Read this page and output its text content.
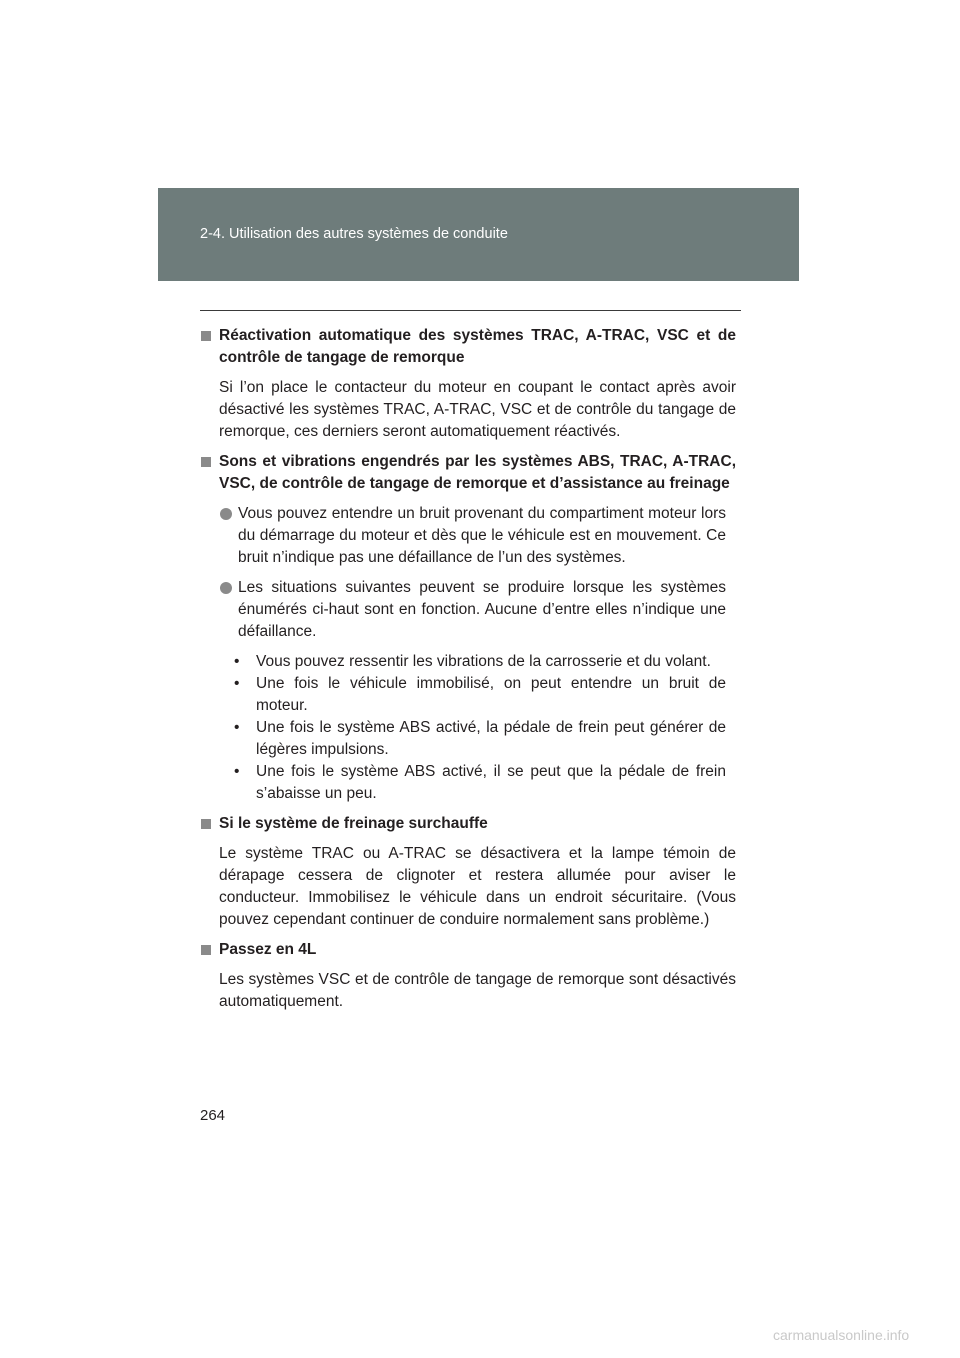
2-4. Utilisation des autres systèmes de conduite
Réactivation automatique des systèmes TRAC, A-TRAC, VSC et de contrôle de tangage de remorque
Si l’on place le contacteur du moteur en coupant le contact après avoir désactivé les systèmes TRAC, A-TRAC, VSC et de contrôle du tangage de remorque, ces derniers seront automatiquement réactivés.
Sons et vibrations engendrés par les systèmes ABS, TRAC, A-TRAC, VSC, de contrôle de tangage de remorque et d’assistance au freinage
Vous pouvez entendre un bruit provenant du compartiment moteur lors du démarrage du moteur et dès que le véhicule est en mouvement. Ce bruit n’indique pas une défaillance de l’un des systèmes.
Les situations suivantes peuvent se produire lorsque les systèmes énumérés ci-haut sont en fonction. Aucune d’entre elles n’indique une défaillance.
• Vous pouvez ressentir les vibrations de la carrosserie et du volant.
• Une fois le véhicule immobilisé, on peut entendre un bruit de moteur.
• Une fois le système ABS activé, la pédale de frein peut générer de légères impulsions.
• Une fois le système ABS activé, il se peut que la pédale de frein s’abaisse un peu.
Si le système de freinage surchauffe
Le système TRAC ou A-TRAC se désactivera et la lampe témoin de dérapage cessera de clignoter et restera allumée pour aviser le conducteur. Immobilisez le véhicule dans un endroit sécuritaire. (Vous pouvez cependant continuer de conduire normalement sans problème.)
Passez en 4L
Les systèmes VSC et de contrôle de tangage de remorque sont désactivés automatiquement.
264
carmanualsonline.info
